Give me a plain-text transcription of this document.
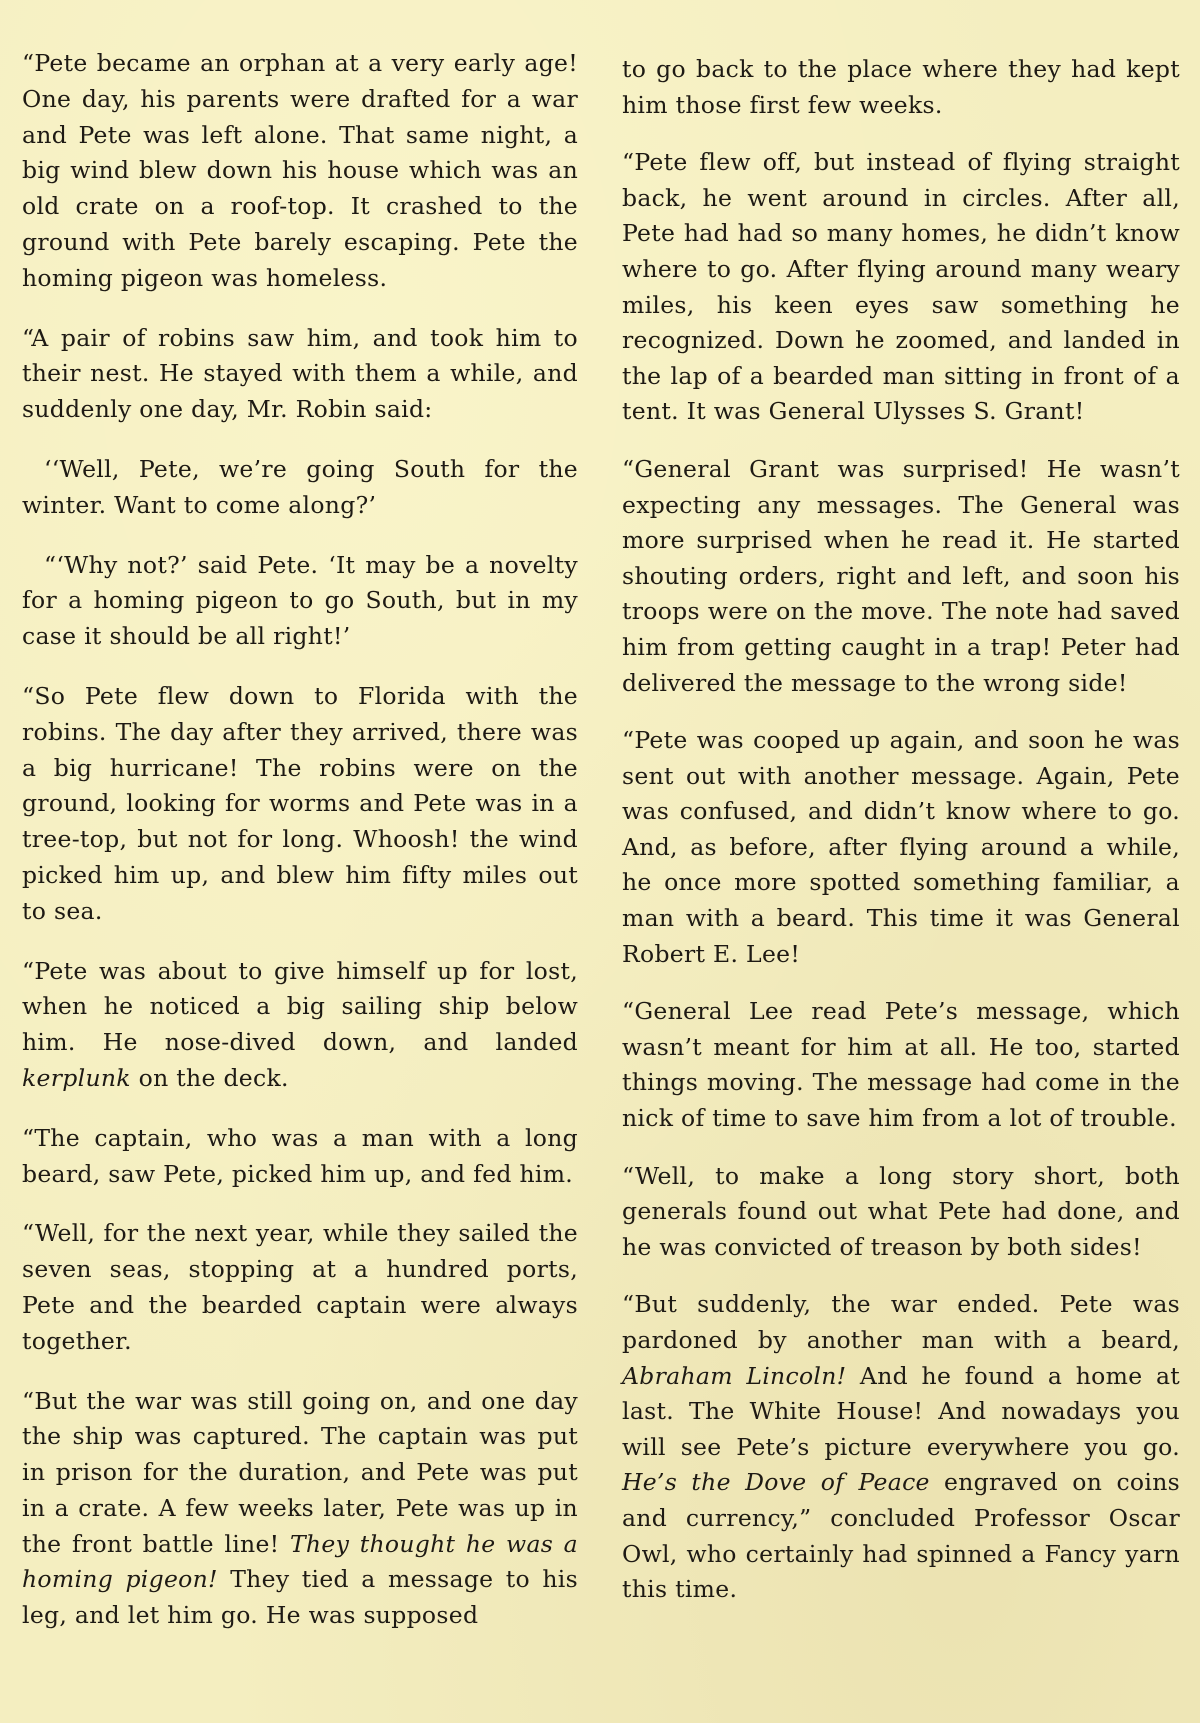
“Pete became an orphan at a very early age! One day, his parents were drafted for a war and Pete was left alone. That same night, a big wind blew down his house which was an old crate on a roof-top. It crashed to the ground with Pete barely escaping. Pete the homing pigeon was homeless.

“A pair of robins saw him, and took him to their nest. He stayed with them a while, and suddenly one day, Mr. Robin said:

‘‘Well, Pete, we’re going South for the winter. Want to come along?’

“‘Why not?’ said Pete. ‘It may be a novelty for a homing pigeon to go South, but in my case it should be all right!’

“So Pete flew down to Florida with the robins. The day after they arrived, there was a big hurricane! The robins were on the ground, looking for worms and Pete was in a tree-top, but not for long. Whoosh! the wind picked him up, and blew him fifty miles out to sea.

“Pete was about to give himself up for lost, when he noticed a big sailing ship below him. He nose-dived down, and landed kerplunk on the deck.

“The captain, who was a man with a long beard, saw Pete, picked him up, and fed him.

“Well, for the next year, while they sailed the seven seas, stopping at a hundred ports, Pete and the bearded captain were always together.

“But the war was still going on, and one day the ship was captured. The captain was put in prison for the duration, and Pete was put in a crate. A few weeks later, Pete was up in the front battle line! They thought he was a homing pigeon! They tied a message to his leg, and let him go. He was supposed

to go back to the place where they had kept him those first few weeks.

“Pete flew off, but instead of flying straight back, he went around in circles. After all, Pete had had so many homes, he didn’t know where to go. After flying around many weary miles, his keen eyes saw something he recognized. Down he zoomed, and landed in the lap of a bearded man sitting in front of a tent. It was General Ulysses S. Grant!

“General Grant was surprised! He wasn’t expecting any messages. The General was more surprised when he read it. He started shouting orders, right and left, and soon his troops were on the move. The note had saved him from getting caught in a trap! Peter had delivered the message to the wrong side!

“Pete was cooped up again, and soon he was sent out with another message. Again, Pete was confused, and didn’t know where to go. And, as before, after flying around a while, he once more spotted something familiar, a man with a beard. This time it was General Robert E. Lee!

“General Lee read Pete’s message, which wasn’t meant for him at all. He too, started things moving. The message had come in the nick of time to save him from a lot of trouble.

“Well, to make a long story short, both generals found out what Pete had done, and he was convicted of treason by both sides!

“But suddenly, the war ended. Pete was pardoned by another man with a beard, Abraham Lincoln! And he found a home at last. The White House! And nowadays you will see Pete’s picture everywhere you go. He’s the Dove of Peace engraved on coins and currency,” concluded Professor Oscar Owl, who certainly had spinned a Fancy yarn this time.
